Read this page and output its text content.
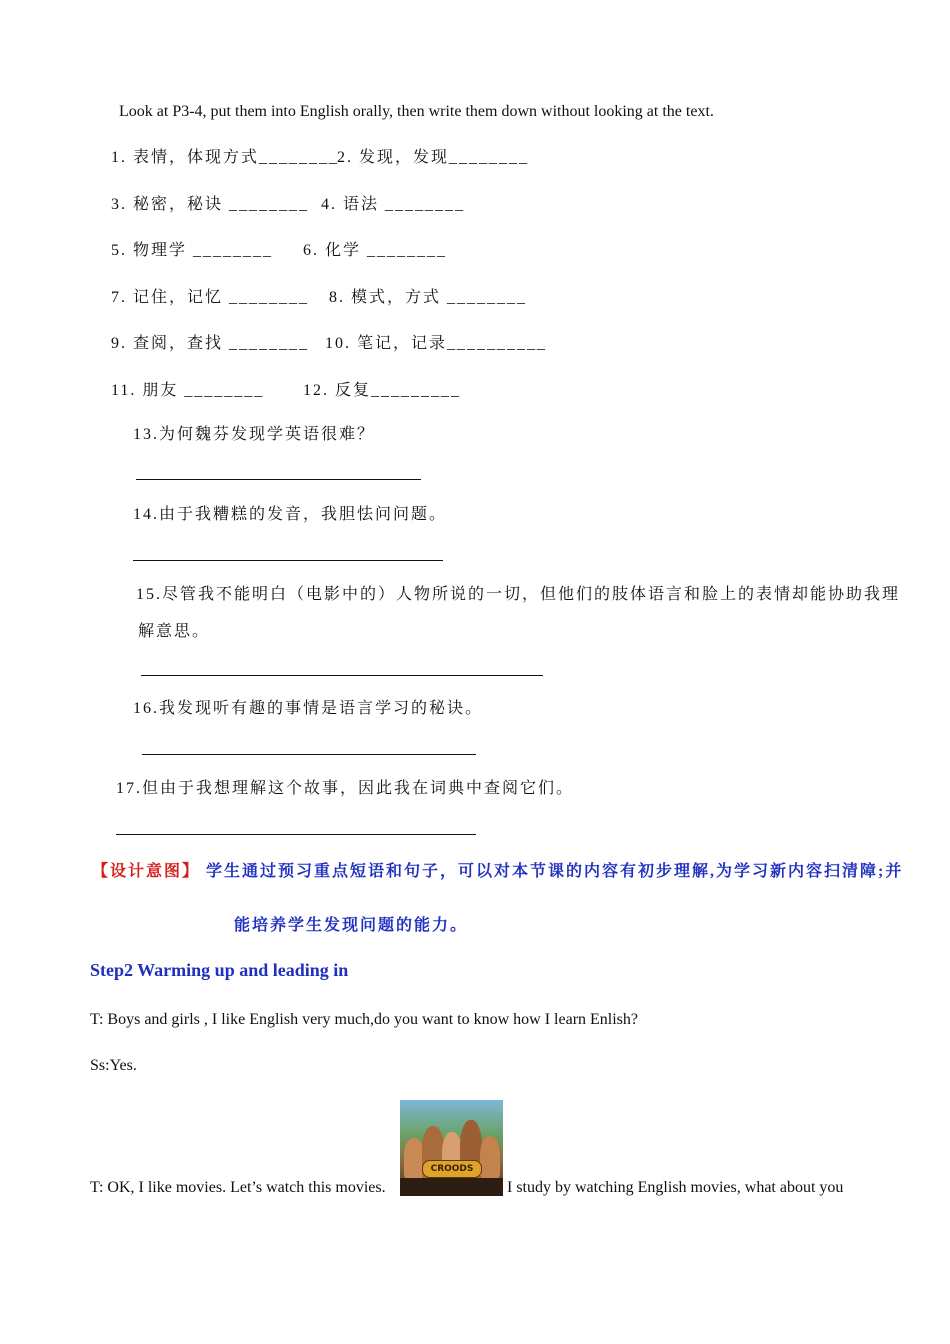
Look at P3-4, put them into English orally, then write them down without looking at the text.
1. 表情，体现方式________
2. 发现，发现________
3. 秘密，秘诀 ________ 4. 语法 ________
5. 物理学 ________ 6. 化学 ________
7. 记住，记忆 ________ 8. 模式，方式 ________
9. 查阅，查找 ________ 10. 笔记，记录__________
11. 朋友 ________ 12. 反复_________
13.为何魏芬发现学英语很难？
14.由于我糟糕的发音，我胆怯问问题。
15.尽管我不能明白（电影中的）人物所说的一切，但他们的肢体语言和脸上的表情却能协助我理
解意思。
16.我发现听有趣的事情是语言学习的秘诀。
17.但由于我想理解这个故事，因此我在词典中查阅它们。
【设计意图】 学生通过预习重点短语和句子，可以对本节课的内容有初步理解,为学习新内容扫清障;并
能培养学生发现问题的能力。
Step2 Warming up and leading in
T: Boys and girls , I like English very much,do you want to know how I learn Enlish?
Ss:Yes.
T: OK, I like movies. Let’s watch this movies.
CROODS
I study by watching English movies, what about you
